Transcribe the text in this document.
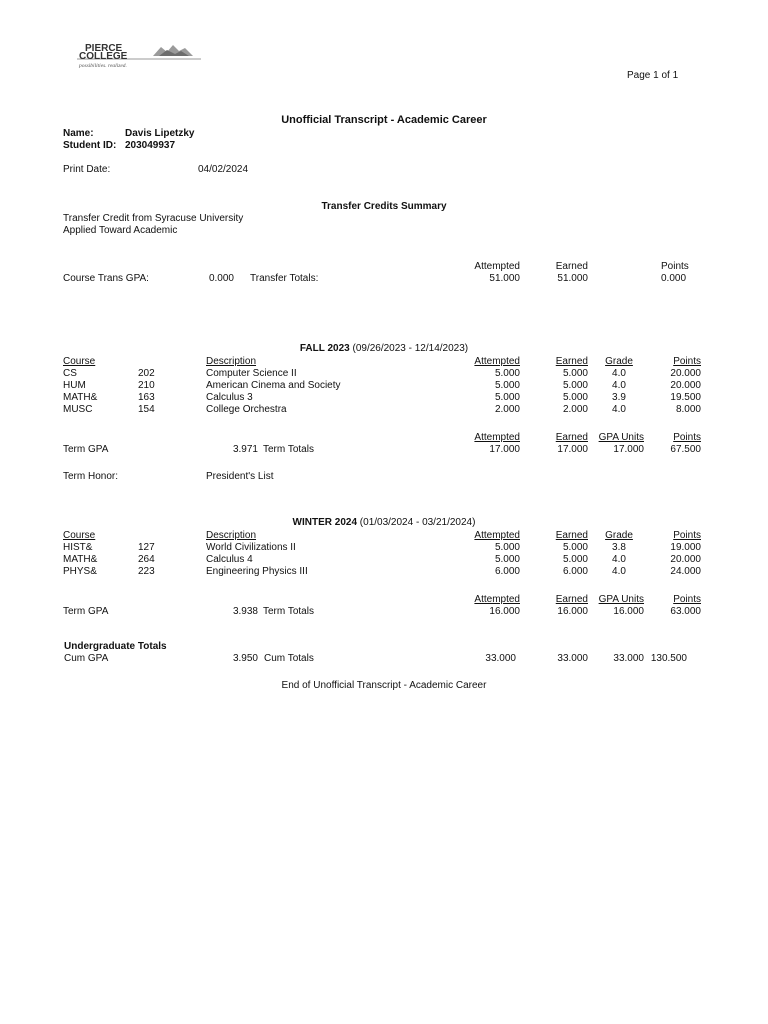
PIERCE
COLLEGE
possibilities. realized.
Page 1 of 1
Unofficial Transcript - Academic Career
Name:	Davis Lipetzky
Student ID: 203049937
Print Date:	04/02/2024
Transfer Credits Summary
Transfer Credit from Syracuse University
Applied Toward Academic
Attempted	Earned	Points
Course Trans GPA:	0.000 Transfer Totals:	51.000	51.000	0.000
FALL 2023 (09/26/2023 - 12/14/2023)
Course	Description	Attempted	Earned	Grade	Points
CS	202	Computer Science II	5.000	5.000	4.0	20.000
HUM	210	American Cinema and Society	5.000	5.000	4.0	20.000
MATH&	163	Calculus 3	5.000	5.000	3.9	19.500
MUSC	154	College Orchestra	2.000	2.000	4.0	8.000
Attempted	Earned	GPA Units	Points
Term GPA	3.971 Term Totals	17.000	17.000	17.000	67.500
Term Honor:	President's List
WINTER 2024 (01/03/2024 - 03/21/2024)
Course	Description	Attempted	Earned	Grade	Points
HIST&	127	World Civilizations II	5.000	5.000	3.8	19.000
MATH&	264	Calculus 4	5.000	5.000	4.0	20.000
PHYS&	223	Engineering Physics III	6.000	6.000	4.0	24.000
Attempted	Earned	GPA Units	Points
Term GPA	3.938 Term Totals	16.000	16.000	16.000	63.000
Undergraduate Totals
Cum GPA	3.950 Cum Totals	33.000	33.000	33.000 130.500
End of Unofficial Transcript - Academic Career
